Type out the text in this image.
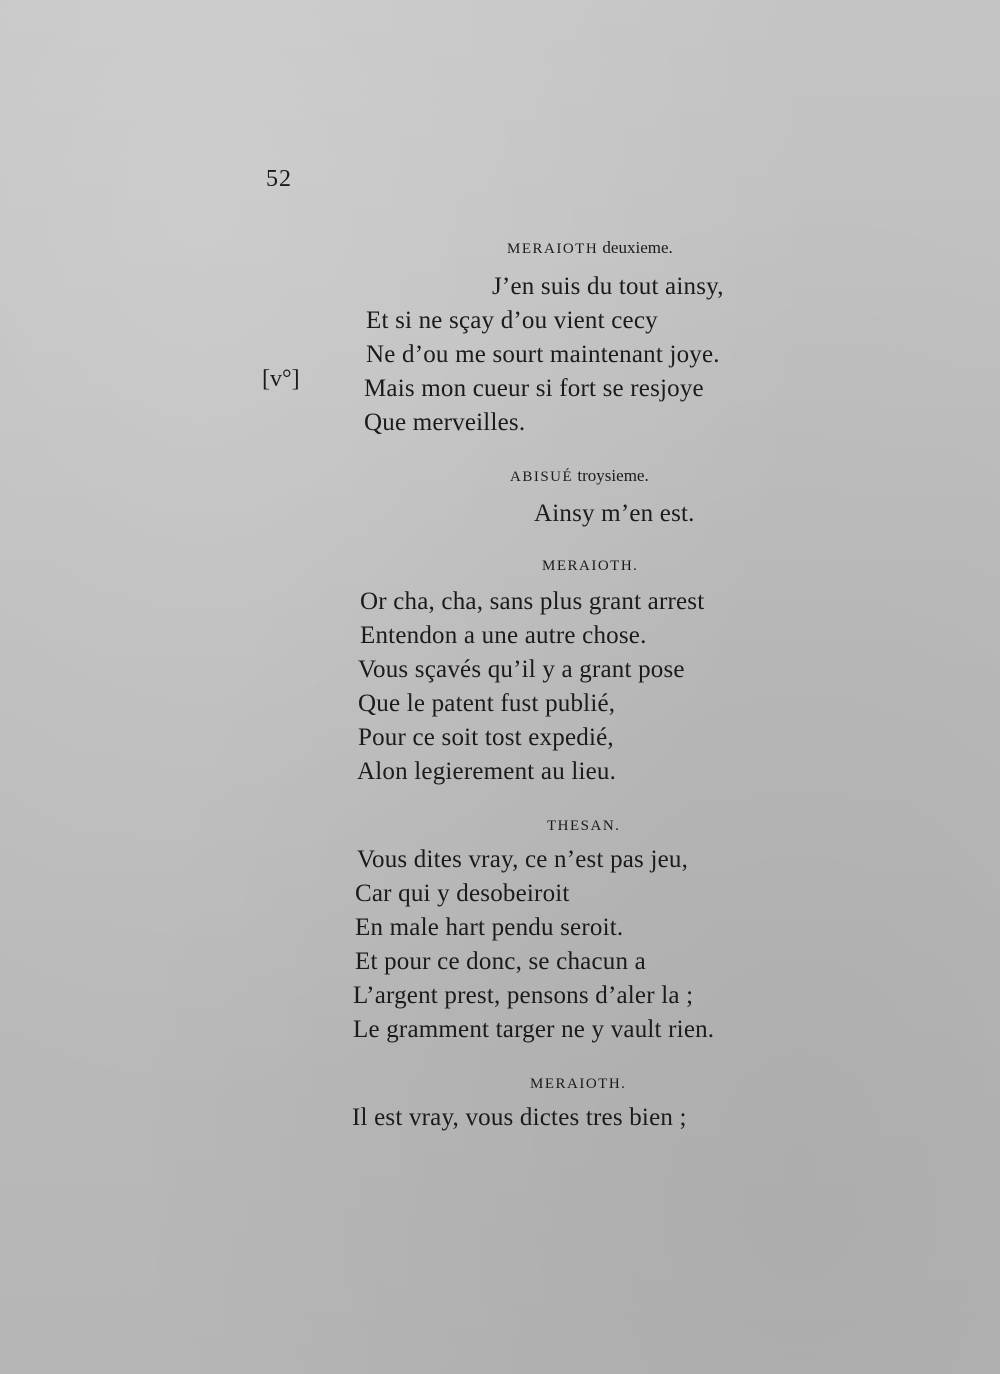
52
[v°]
MERAIOTH deuxieme.
J’en suis du tout ainsy,
Et si ne sçay d’ou vient cecy
Ne d’ou me sourt maintenant joye.
Mais mon cueur si fort se resjoye
Que merveilles.
ABISUÉ troysieme.
Ainsy m’en est.
MERAIOTH.
Or cha, cha, sans plus grant arrest
Entendon a une autre chose.
Vous sçavés qu’il y a grant pose
Que le patent fust publié,
Pour ce soit tost expedié,
Alon legierement au lieu.
THESAN.
Vous dites vray, ce n’est pas jeu,
Car qui y desobeiroit
En male hart pendu seroit.
Et pour ce donc, se chacun a
L’argent prest, pensons d’aler la ;
Le gramment targer ne y vault rien.
MERAIOTH.
Il est vray, vous dictes tres bien ;
